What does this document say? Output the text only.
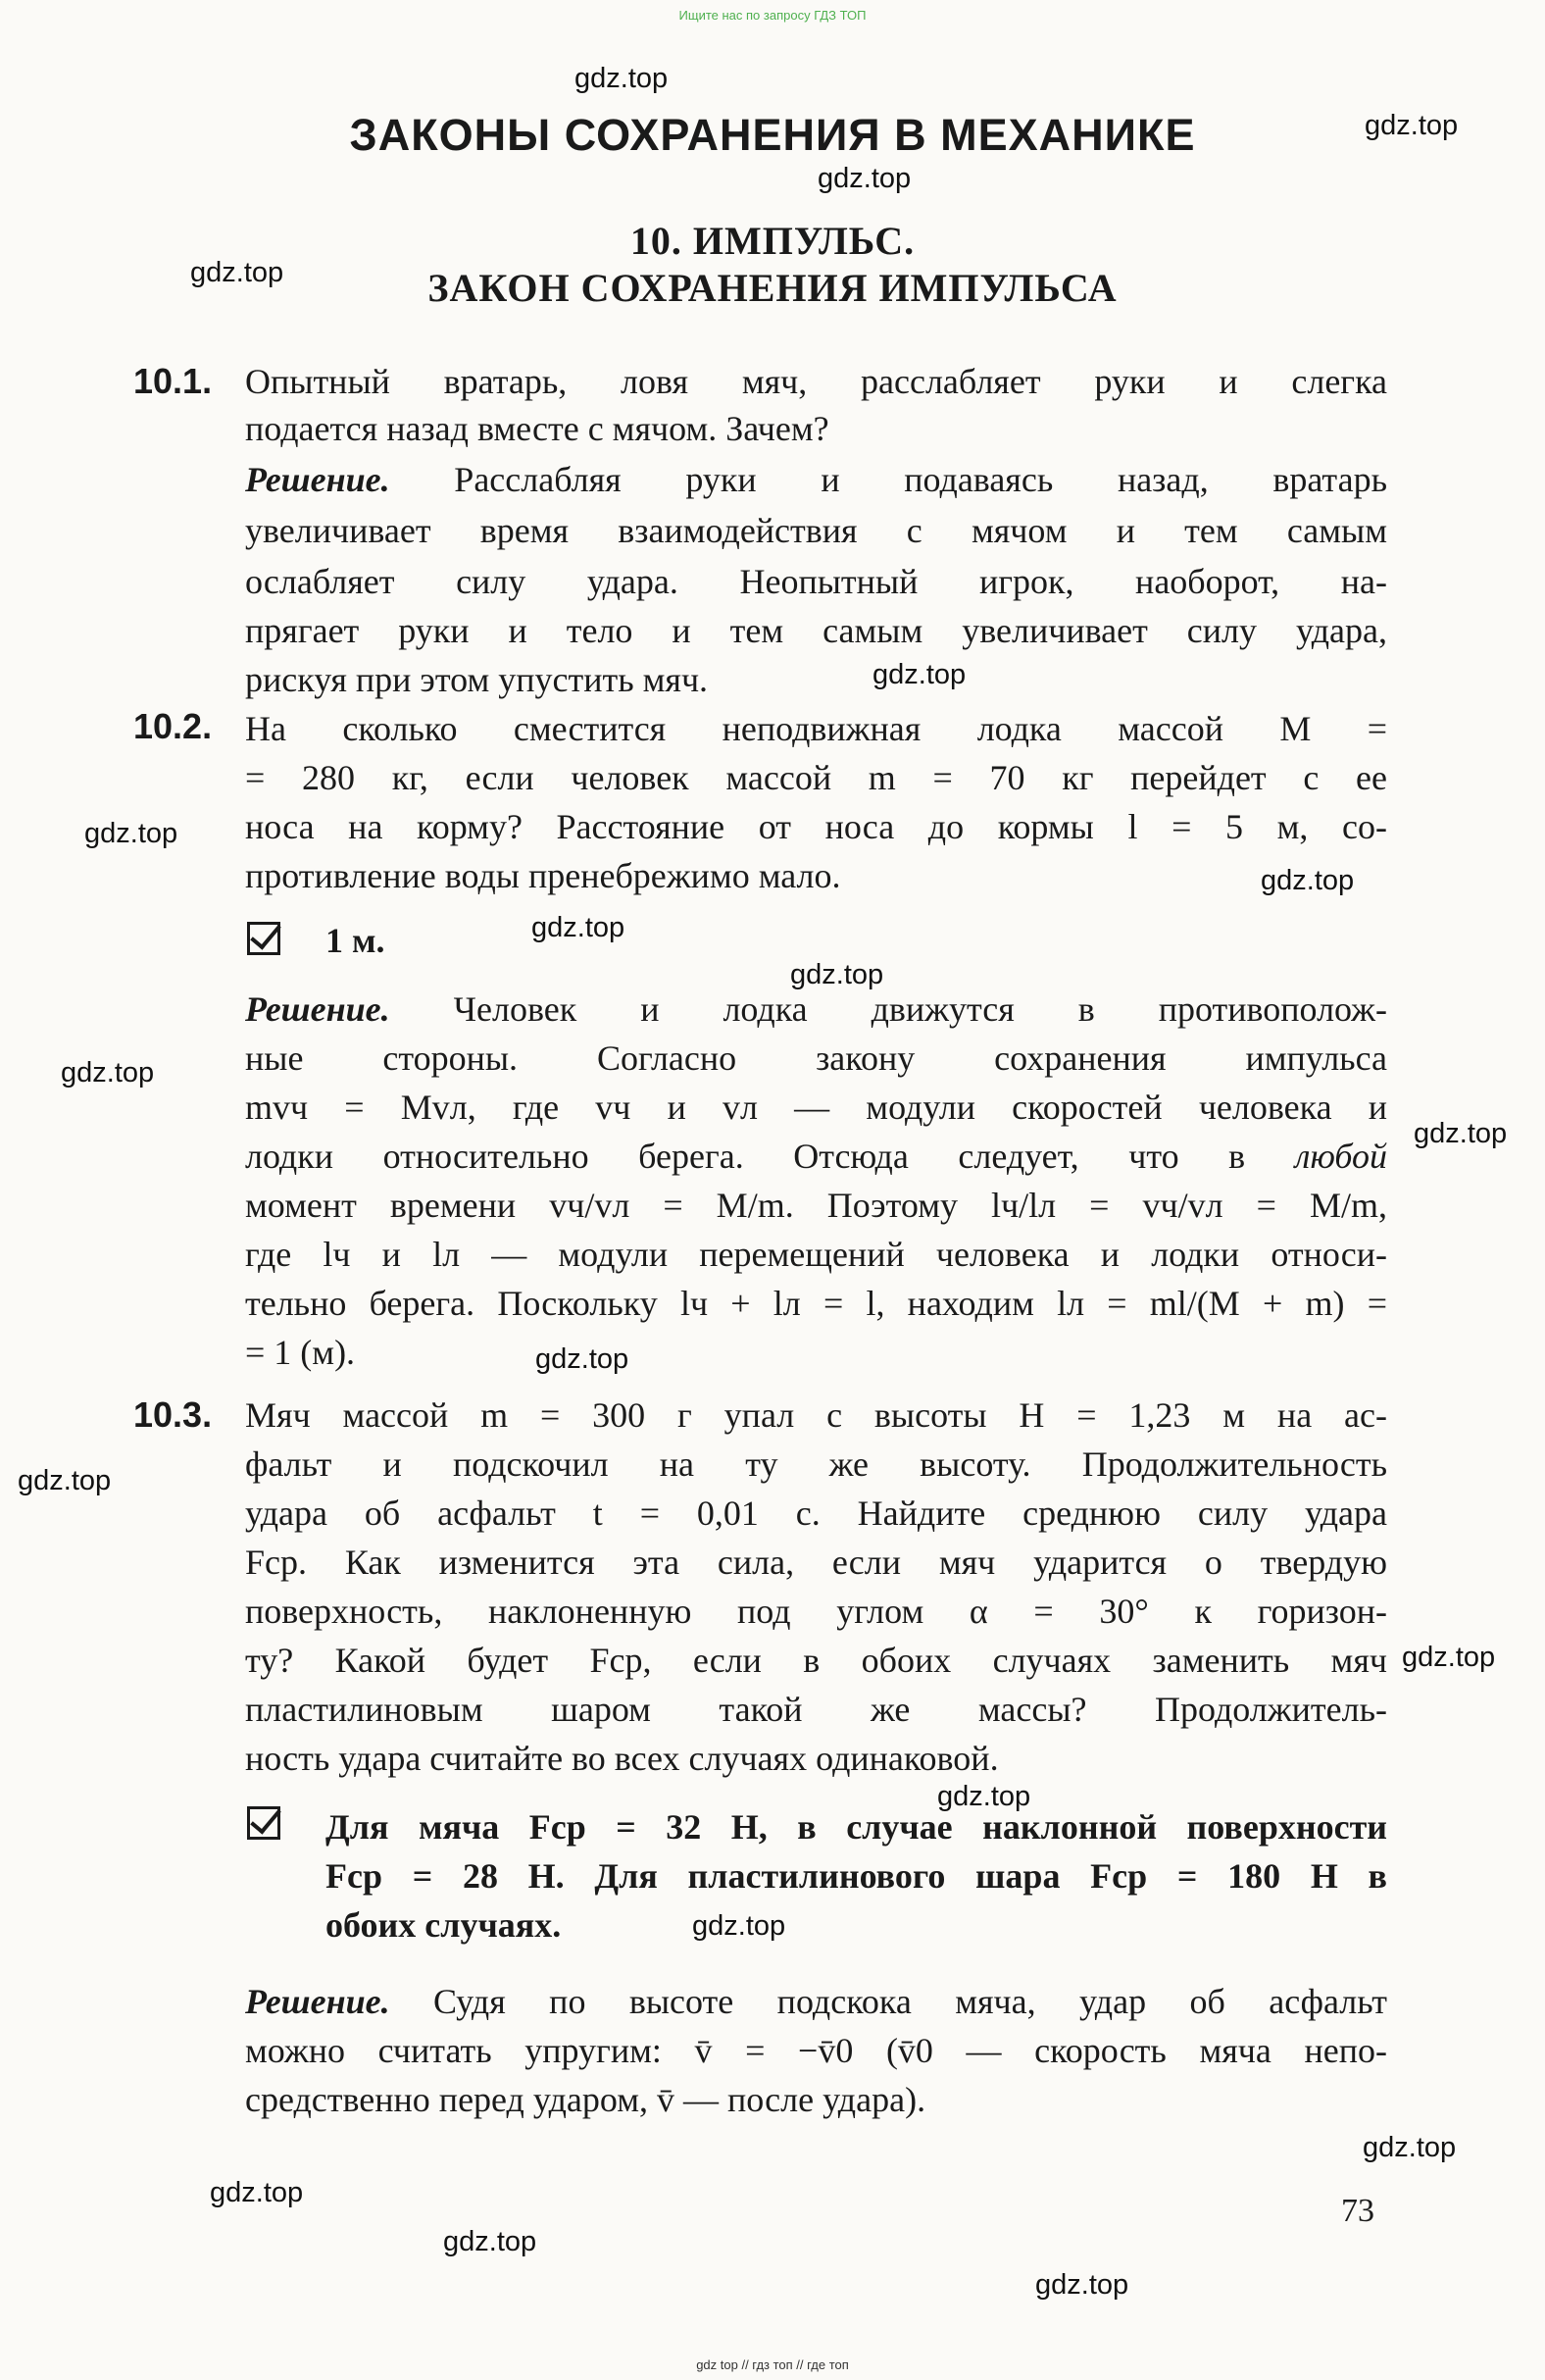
Ищите нас по запросу ГДЗ ТОП
gdz.top
gdz.top
gdz.top
gdz.top
gdz.top
gdz.top
gdz.top
gdz.top
gdz.top
gdz.top
gdz.top
gdz.top
gdz.top
gdz.top
gdz.top
gdz.top
gdz.top
gdz.top
gdz.top
gdz.top
ЗАКОНЫ СОХРАНЕНИЯ В МЕХАНИКЕ
10. ИМПУЛЬС.
ЗАКОН СОХРАНЕНИЯ ИМПУЛЬСА
10.1. Опытный вратарь, ловя мяч, расслабляет руки и слегка
подается назад вместе с мячом. Зачем?
Решение. Расслабляя руки и подаваясь назад, вратарь
увеличивает время взаимодействия с мячом и тем самым
ослабляет силу удара. Неопытный игрок, наоборот, на-
прягает руки и тело и тем самым увеличивает силу удара,
рискуя при этом упустить мяч.
10.2. На сколько сместится неподвижная лодка массой M =
= 280 кг, если человек массой m = 70 кг перейдет с ее
носа на корму? Расстояние от носа до кормы l = 5 м, со-
противление воды пренебрежимо мало.
1 м.
Решение. Человек и лодка движутся в противополож-
ные стороны. Согласно закону сохранения импульса
mvч = Mvл, где vч и vл — модули скоростей человека и
лодки относительно берега. Отсюда следует, что в любой
момент времени vч/vл = M/m. Поэтому lч/lл = vч/vл = M/m,
где lч и lл — модули перемещений человека и лодки относи-
тельно берега. Поскольку lч + lл = l, находим lл = ml/(M + m) =
= 1 (м).
10.3. Мяч массой m = 300 г упал с высоты H = 1,23 м на ас-
фальт и подскочил на ту же высоту. Продолжительность
удара об асфальт t = 0,01 с. Найдите среднюю силу удара
Fср. Как изменится эта сила, если мяч ударится о твердую
поверхность, наклоненную под углом α = 30° к горизон-
ту? Какой будет Fср, если в обоих случаях заменить мяч
пластилиновым шаром такой же массы? Продолжитель-
ность удара считайте во всех случаях одинаковой.
Для мяча Fср = 32 Н, в случае наклонной поверхности
Fср = 28 Н. Для пластилинового шара Fср = 180 Н в
обоих случаях.
Решение. Судя по высоте подскока мяча, удар об асфальт
можно считать упругим: v̄ = −v̄0 (v̄0 — скорость мяча непо-
средственно перед ударом, v̄ — после удара).
73
gdz top // гдз топ // где топ
